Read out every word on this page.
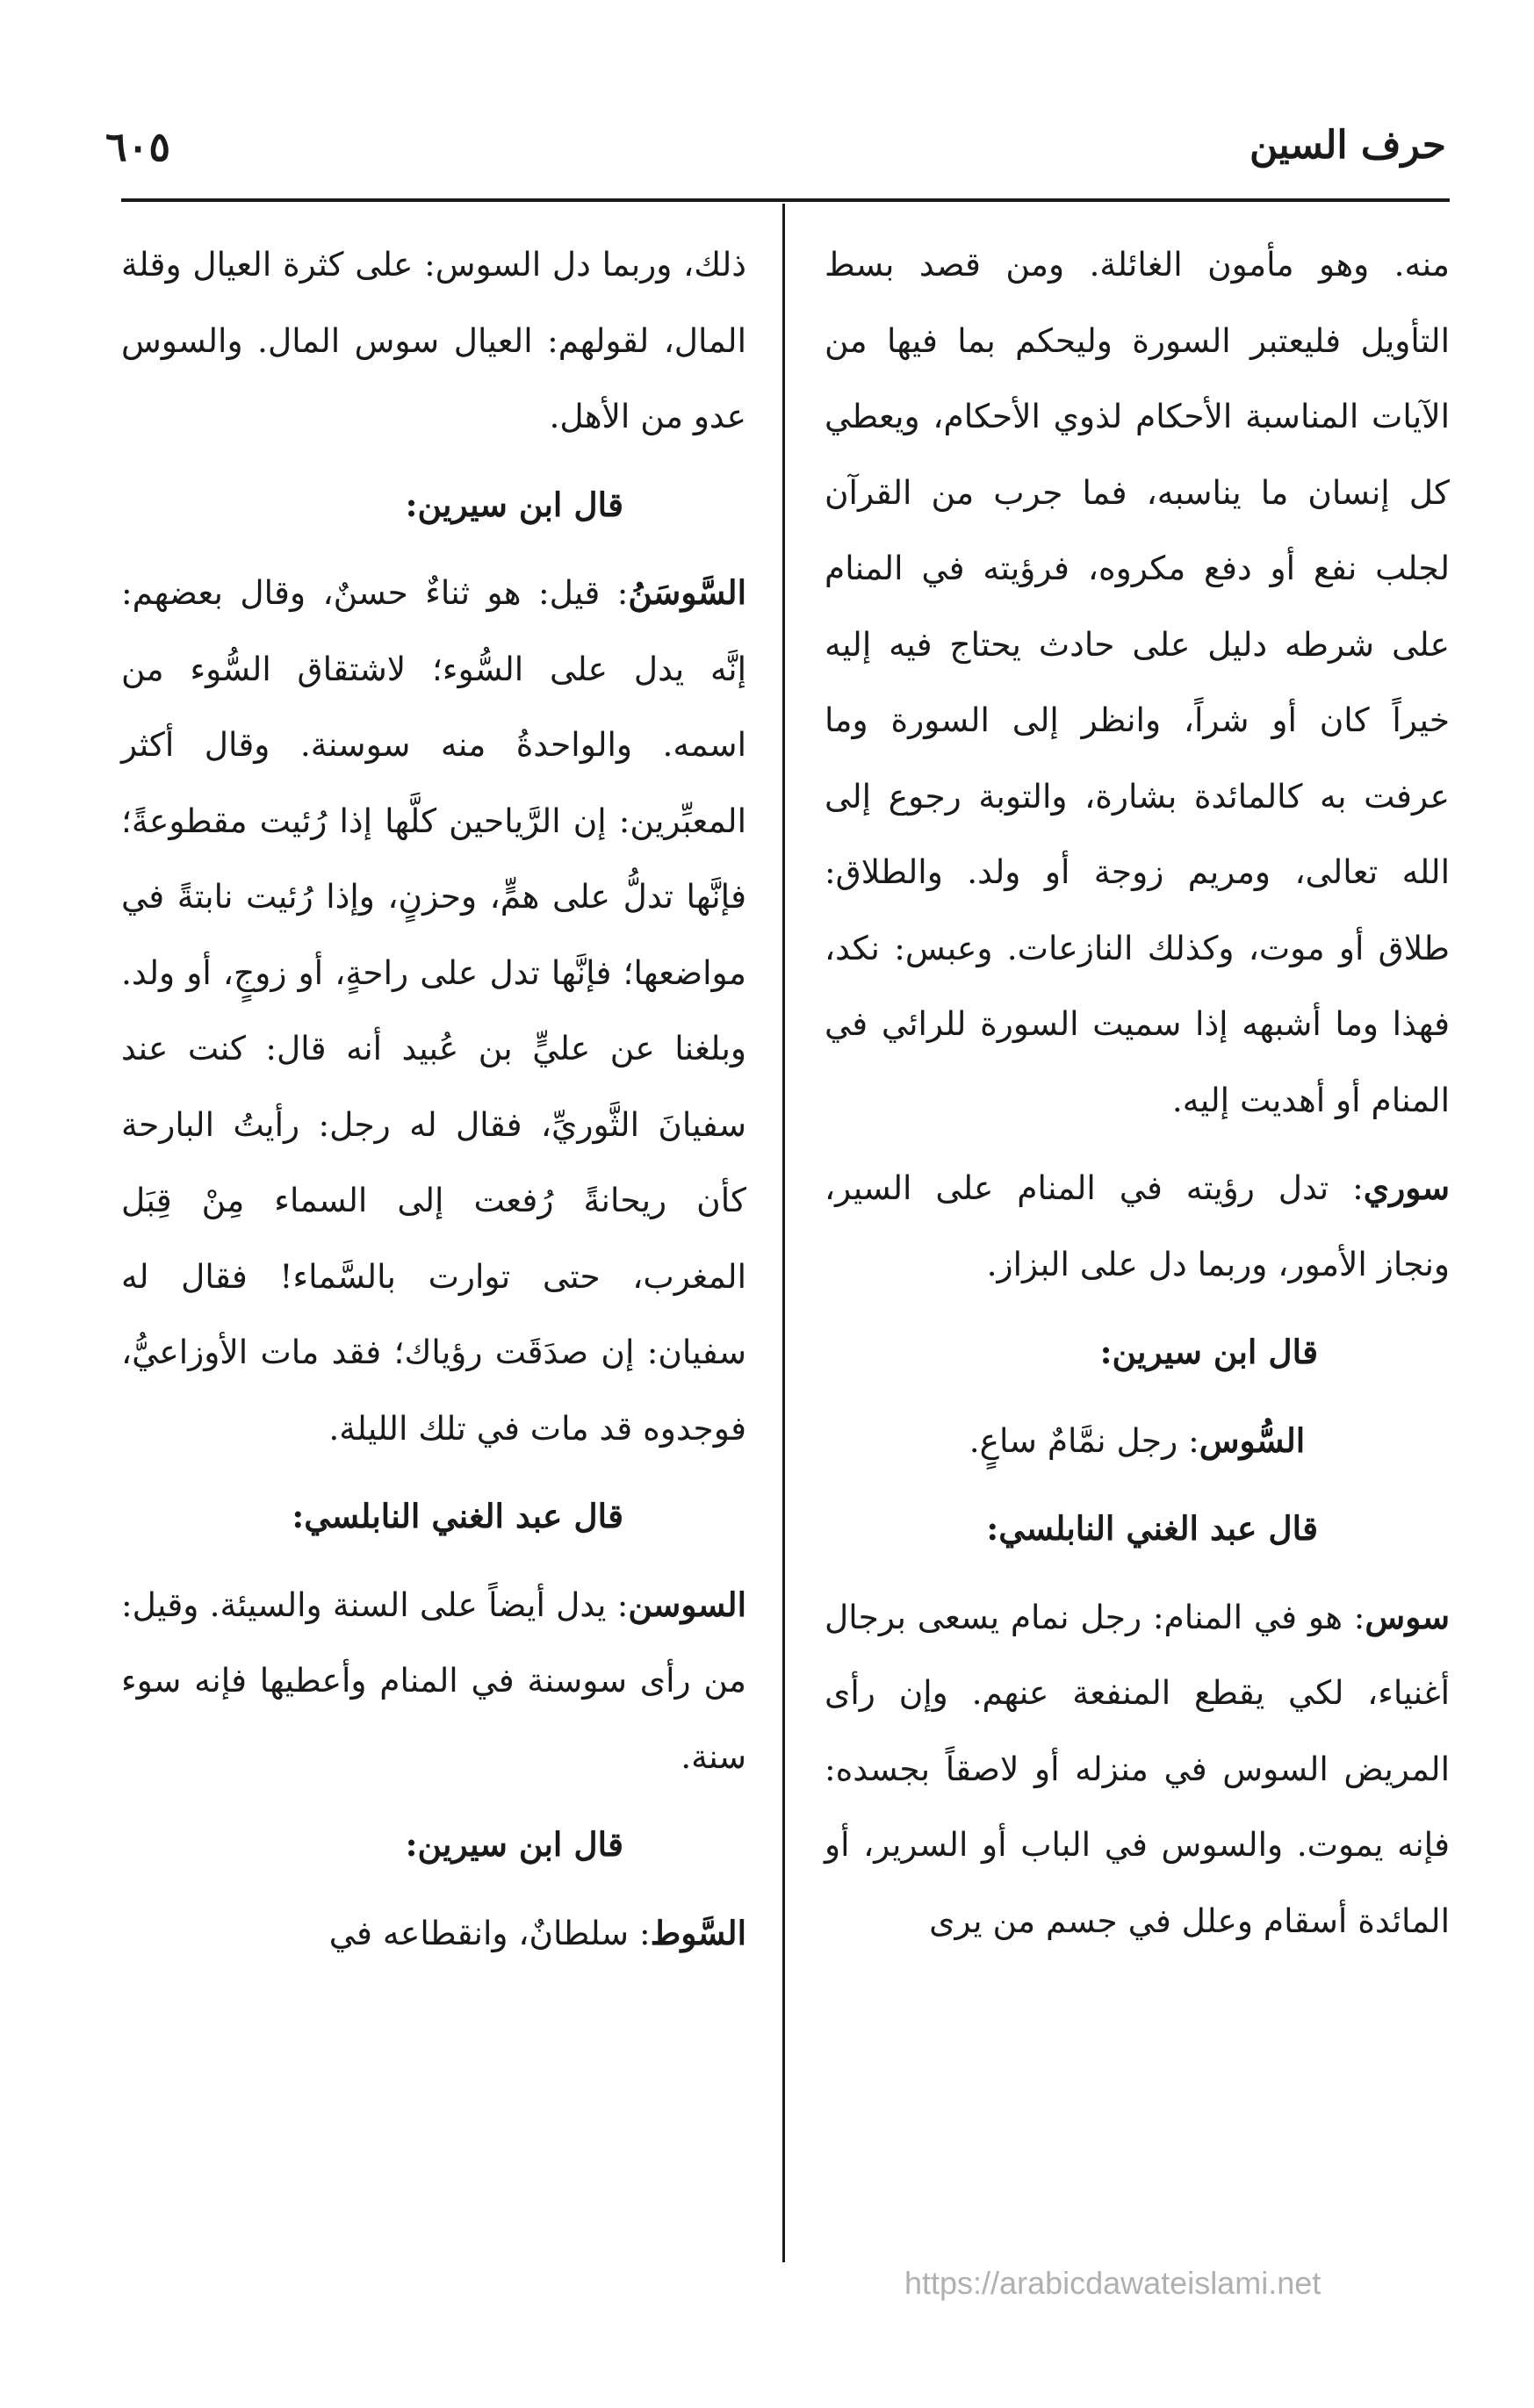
حرف السين
٦٠٥

منه. وهو مأمون الغائلة. ومن قصد بسط التأويل فليعتبر السورة وليحكم بما فيها من الآيات المناسبة الأحكام لذوي الأحكام، ويعطي كل إنسان ما يناسبه، فما جرب من القرآن لجلب نفع أو دفع مكروه، فرؤيته في المنام على شرطه دليل على حادث يحتاج فيه إليه خيراً كان أو شراً، وانظر إلى السورة وما عرفت به كالمائدة بشارة، والتوبة رجوع إلى الله تعالى، ومريم زوجة أو ولد. والطلاق: طلاق أو موت، وكذلك النازعات. وعبس: نكد، فهذا وما أشبهه إذا سميت السورة للرائي في المنام أو أهديت إليه.

سوري: تدل رؤيته في المنام على السير، ونجاز الأمور، وربما دل على البزاز.

قال ابن سيرين:

السُّوس: رجل نمَّامٌ ساعٍ.

قال عبد الغني النابلسي:

سوس: هو في المنام: رجل نمام يسعى برجال أغنياء، لكي يقطع المنفعة عنهم. وإن رأى المريض السوس في منزله أو لاصقاً بجسده: فإنه يموت. والسوس في الباب أو السرير، أو المائدة أسقام وعلل في جسم من يرى

ذلك، وربما دل السوس: على كثرة العيال وقلة المال، لقولهم: العيال سوس المال. والسوس عدو من الأهل.

قال ابن سيرين:

السَّوسَنُ: قيل: هو ثناءٌ حسنٌ، وقال بعضهم: إنَّه يدل على السُّوء؛ لاشتقاق السُّوء من اسمه. والواحدةُ منه سوسنة. وقال أكثر المعبِّرين: إن الرَّياحين كلَّها إذا رُئيت مقطوعةً؛ فإنَّها تدلُّ على همٍّ، وحزنٍ، وإذا رُئيت نابتةً في مواضعها؛ فإنَّها تدل على راحةٍ، أو زوجٍ، أو ولد. وبلغنا عن عليٍّ بن عُبيد أنه قال: كنت عند سفيانَ الثَّوريِّ، فقال له رجل: رأيتُ البارحة كأن ريحانةً رُفعت إلى السماء مِنْ قِبَل المغرب، حتى توارت بالسَّماء! فقال له سفيان: إن صدَقَت رؤياك؛ فقد مات الأوزاعيُّ، فوجدوه قد مات في تلك الليلة.

قال عبد الغني النابلسي:

السوسن: يدل أيضاً على السنة والسيئة. وقيل: من رأى سوسنة في المنام وأعطيها فإنه سوء سنة.

قال ابن سيرين:

السَّوط: سلطانٌ، وانقطاعه في

https://arabicdawateislami.net
